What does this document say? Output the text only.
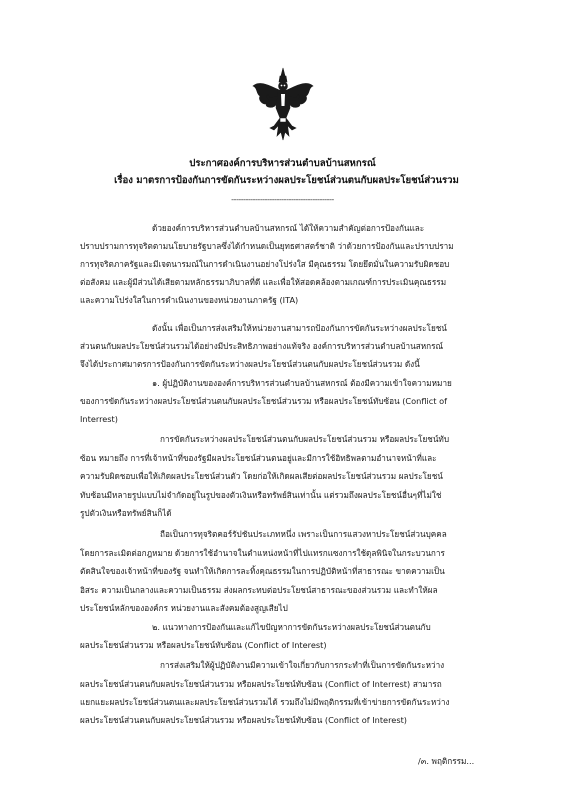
ประกาศองค์การบริหารส่วนตำบลบ้านสหกรณ์
เรื่อง มาตรการป้องกันการขัดกันระหว่างผลประโยชน์ส่วนตนกับผลประโยชน์ส่วนรวม
-------------------------------------------
ด้วยองค์การบริหารส่วนตำบลบ้านสหกรณ์ ได้ให้ความสำคัญต่อการป้องกันและ
ปราบปรามการทุจริตตามนโยบายรัฐบาลซึ่งได้กำหนดเป็นยุทธศาสตร์ชาติ ว่าด้วยการป้องกันและปราบปราม
การทุจริตภาครัฐและมีเจตนารมณ์ในการดำเนินงานอย่างโปร่งใส มีคุณธรรม โดยยึดมั่นในความรับผิดชอบ
ต่อสังคม และผู้มีส่วนได้เสียตามหลักธรรมาภิบาลที่ดี และเพื่อให้สอดคล้องตามเกณฑ์การประเมินคุณธรรม
และความโปร่งใสในการดำเนินงานของหน่วยงานภาครัฐ (ITA)
ดังนั้น เพื่อเป็นการส่งเสริมให้หน่วยงานสามารถป้องกันการขัดกันระหว่างผลประโยชน์
ส่วนตนกับผลประโยชน์ส่วนรวมได้อย่างมีประสิทธิภาพอย่างแท้จริง องค์การบริหารส่วนตำบลบ้านสหกรณ์
จึงได้ประกาศมาตรการป้องกันการขัดกันระหว่างผลประโยชน์ส่วนตนกับผลประโยชน์ส่วนรวม ดังนี้
๑. ผู้ปฏิบัติงานขององค์การบริหารส่วนตำบลบ้านสหกรณ์ ต้องมีความเข้าใจความหมาย
ของการขัดกันระหว่างผลประโยชน์ส่วนตนกับผลประโยชน์ส่วนรวม หรือผลประโยชน์ทับซ้อน (Conflict of
Interrest)
การขัดกันระหว่างผลประโยชน์ส่วนตนกับผลประโยชน์ส่วนรวม หรือผลประโยชน์ทับ
ซ้อน หมายถึง การที่เจ้าหน้าที่ของรัฐมีผลประโยชน์ส่วนตนอยู่และมีการใช้อิทธิพลตามอำนาจหน้าที่และ
ความรับผิดชอบเพื่อให้เกิดผลประโยชน์ส่วนตัว โดยก่อให้เกิดผลเสียต่อผลประโยชน์ส่วนรวม ผลประโยชน์
ทับซ้อนมีหลายรูปแบบไม่จำกัดอยู่ในรูปของตัวเงินหรือทรัพย์สินเท่านั้น แต่รวมถึงผลประโยชน์อื่นๆที่ไม่ใช่
รูปตัวเงินหรือทรัพย์สินก็ได้
ถือเป็นการทุจริตคอร์รัปชันประเภทหนึ่ง เพราะเป็นการแสวงหาประโยชน์ส่วนบุคคล
โดยการละเมิดต่อกฎหมาย ด้วยการใช้อำนาจในตำแหน่งหน้าที่ไปแทรกแซงการใช้ดุลพินิจในกระบวนการ
ตัดสินใจของเจ้าหน้าที่ของรัฐ จนทำให้เกิดการละทิ้งคุณธรรมในการปฏิบัติหน้าที่สาธารณะ ขาดความเป็น
อิสระ ความเป็นกลางและความเป็นธรรม ส่งผลกระทบต่อประโยชน์สาธารณะของส่วนรวม และทำให้ผล
ประโยชน์หลักขององค์กร หน่วยงานและสังคมต้องสูญเสียไป
๒. แนวทางการป้องกันและแก้ไขปัญหาการขัดกันระหว่างผลประโยชน์ส่วนตนกับ
ผลประโยชน์ส่วนรวม หรือผลประโยชน์ทับซ้อน (Conflict of Interest)
การส่งเสริมให้ผู้ปฏิบัติงานมีความเข้าใจเกี่ยวกับการกระทำที่เป็นการขัดกันระหว่าง
ผลประโยชน์ส่วนตนกับผลประโยชน์ส่วนรวม หรือผลประโยชน์ทับซ้อน (Conflict of Interrest) สามารถ
แยกแยะผลประโยชน์ส่วนตนและผลประโยชน์ส่วนรวมได้ รวมถึงไม่มีพฤติกรรมที่เข้าข่ายการขัดกันระหว่าง
ผลประโยชน์ส่วนตนกับผลประโยชน์ส่วนรวม หรือผลประโยชน์ทับซ้อน (Conflict of Interest)
/๓. พฤติกรรม...
